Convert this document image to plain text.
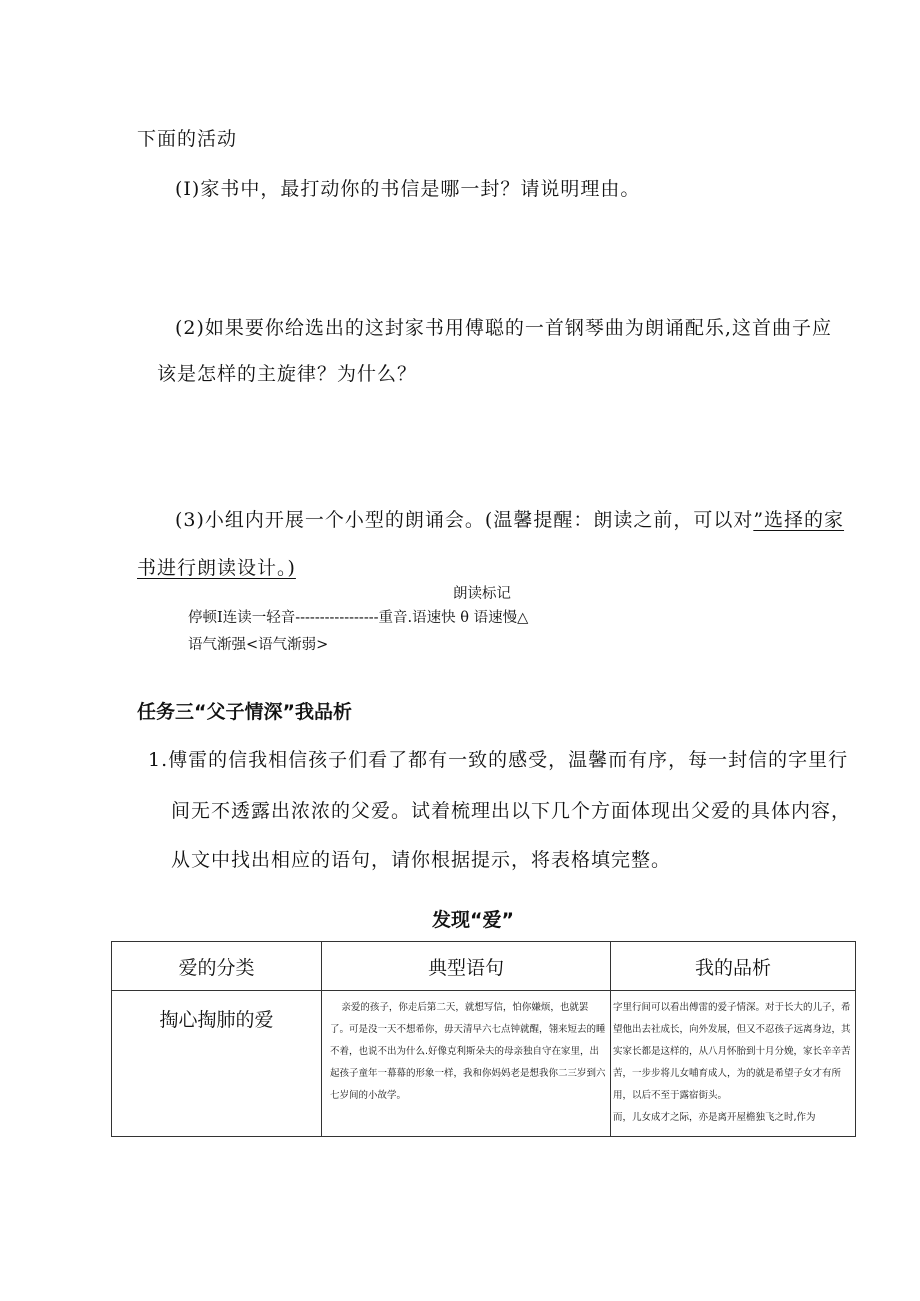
下面的活动
(I)家书中，最打动你的书信是哪一封？请说明理由。
(2)如果要你给选出的这封家书用傅聪的一首钢琴曲为朗诵配乐,这首曲子应
该是怎样的主旋律？为什么？
(3)小组内开展一个小型的朗诵会。(温馨提醒：朗读之前，可以对”选择的家
书进行朗读设计。)
朗读标记
停顿Ⅰ连读一轻音-----------------重音.语速快 θ 语速慢△
语气渐强<语气渐弱>
任务三“父子情深”我品析
1.傅雷的信我相信孩子们看了都有一致的感受，温馨而有序，每一封信的字里行
间无不透露出浓浓的父爱。试着梳理出以下几个方面体现出父爱的具体内容，
从文中找出相应的语句，请你根据提示，将表格填完整。
发现“爱”
爱的分类	典型语句	我的品析
掏心掏肺的爱	亲爱的孩子，你走后第二天，就想写信，怕你嫌烦，也就罢了。可是没一天不想希你，毋天清早六七点钟就醒，翎来短去的睡不着，也说不出为什么.好像克利斯朵夫的母亲独自守在家里，出起孩子童年一幕幕的形象一样，我和你妈妈老是想我你二三岁到六七岁间的小故学。	字里行间可以看出傅雷的爱子情深。对于长大的儿子，希望他出去社成长，向外发展，但又不忍孩子远离身边，其实家长都是这样的，从八月怀胎到十月分娩，家长辛辛苦苦，一步步将儿女哺育成人，为的就是希望子女才有所用，以后不至于露宿街头。
而，儿女成才之际，亦是离开屋檐独飞之时,作为
